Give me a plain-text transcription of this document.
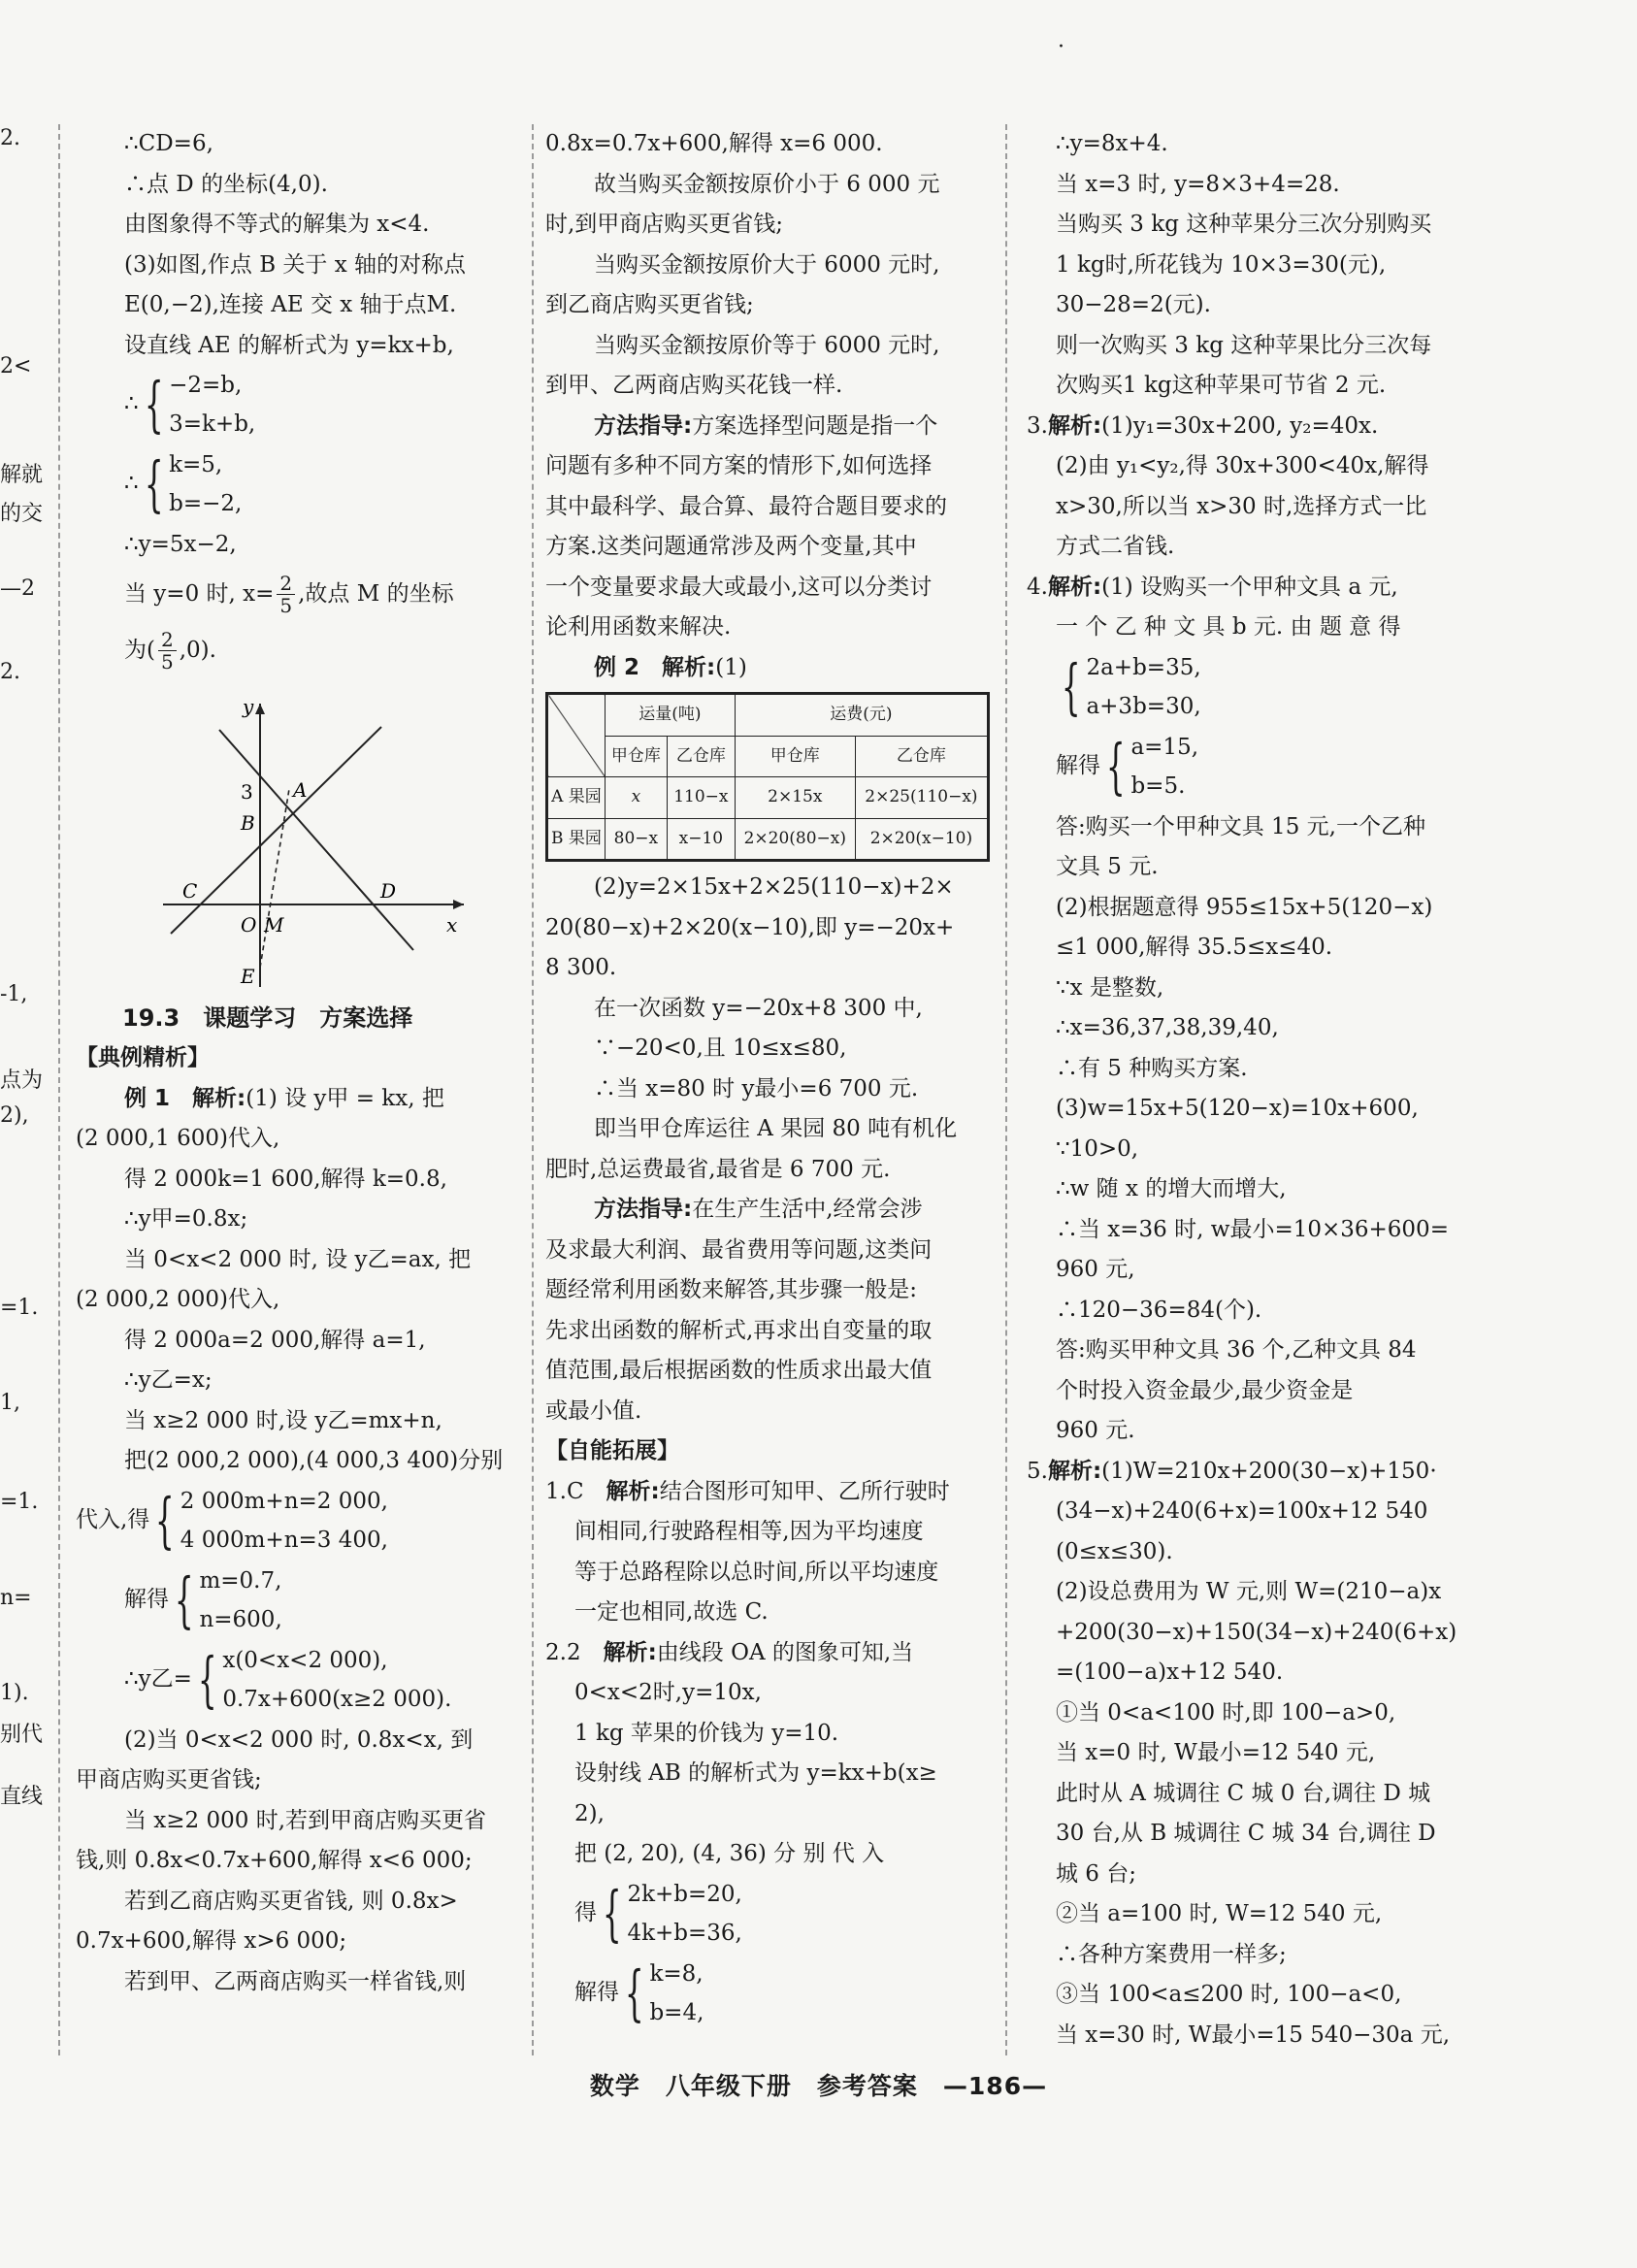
·
2.
2<
解就
的交
—2
2.
-1,
点为
2),
=1.
1,
=1.
n=
1).
别代
直线
∴CD=6,
∴点 D 的坐标(4,0).
由图象得不等式的解集为 x<4.
(3)如图,作点 B 关于 x 轴的对称点
E(0,−2),连接 AE 交 x 轴于点M.
设直线 AE 的解析式为 y=kx+b,
∴ { −2=b,
3=k+b,
∴ { k=5,
b=−2,
∴y=5x−2,
当 y=0 时, $x= \frac{2}{5}$ ,故点 M 的坐标
为( $\frac{2}{5} ,0$).
y
x
3 A
B
C	D
O M
E
19.3　课题学习　方案选择
【典例精析】
例 1　 解析:(1) 设 y甲 = kx, 把
(2 000,1 600)代入,
得 2 000k=1 600,解得 k=0.8,
∴y甲=0.8x;
当 0<x<2 000 时, 设 y乙=ax, 把
(2 000,2 000)代入,
得 2 000a=2 000,解得 a=1,
∴y乙=x;
当 x≥2 000 时,设 y乙=mx+n,
把(2 000,2 000),(4 000,3 400)分别
代入,得 { 2 000m+n=2 000,
4 000m+n=3 400,
解得 { m=0.7,
n=600,
∴y乙= { x(0<x<2 000),
0.7x+600(x≥2 000).
(2)当 0<x<2 000 时, 0.8x<x, 到
甲商店购买更省钱;
当 x≥2 000 时,若到甲商店购买更省
钱,则 0.8x<0.7x+600,解得 x<6 000;
若到乙商店购买更省钱, 则 0.8x>
0.7x+600,解得 x>6 000;
若到甲、乙两商店购买一样省钱,则
0.8x=0.7x+600,解得 x=6 000.
故当购买金额按原价小于 6 000 元
时,到甲商店购买更省钱;
当购买金额按原价大于 6000 元时,
到乙商店购买更省钱;
当购买金额按原价等于 6000 元时,
到甲、乙两商店购买花钱一样.
方法指导:方案选择型问题是指一个
问题有多种不同方案的情形下,如何选择
其中最科学、最合算、最符合题目要求的
方案.这类问题通常涉及两个变量,其中
一个变量要求最大或最小,这可以分类讨
论利用函数来解决.
例 2　 解析:(1)
	运量(吨)		运费(元)	
	甲仓库	乙仓库	甲仓库	乙仓库
A 果园	x	110−x	2×15x	2×25(110−x)
B 果园	80−x	x−10	2×20(80−x)	2×20(x−10)
(2)y=2×15x+2×25(110−x)+2×
20(80−x)+2×20(x−10),即 y=−20x+
8 300.
在一次函数 y=−20x+8 300 中,
∵−20<0,且 10≤x≤80,
∴当 x=80 时 y最小=6 700 元.
即当甲仓库运往 A 果园 80 吨有机化
肥时,总运费最省,最省是 6 700 元.
方法指导:在生产生活中,经常会涉
及求最大利润、最省费用等问题,这类问
题经常利用函数来解答,其步骤一般是:
先求出函数的解析式,再求出自变量的取
值范围,最后根据函数的性质求出最大值
或最小值.
【自能拓展】
1.C　 解析:结合图形可知甲、乙所行驶时
间相同,行驶路程相等,因为平均速度
等于总路程除以总时间,所以平均速度
一定也相同,故选 C.
2.2　 解析:由线段 OA 的图象可知,当
0<x<2时,y=10x,
1 kg 苹果的价钱为 y=10.
设射线 AB 的解析式为 y=kx+b(x≥
2),
把 (2, 20), (4, 36) 分 别 代 入
得 { 2k+b=20,
4k+b=36,
解得 { k=8,
b=4,
∴y=8x+4.
当 x=3 时, y=8×3+4=28.
当购买 3 kg 这种苹果分三次分别购买
1 kg时,所花钱为 10×3=30(元),
30−28=2(元).
则一次购买 3 kg 这种苹果比分三次每
次购买1 kg这种苹果可节省 2 元.
3.解析:(1)y₁=30x+200, y₂=40x.
(2)由 y₁<y₂,得 30x+300<40x,解得
x>30,所以当 x>30 时,选择方式一比
方式二省钱.
4.解析:(1) 设购买一个甲种文具 a 元,
一 个 乙 种 文 具 b 元. 由 题 意 得
{ 2a+b=35,
a+3b=30,
解得 { a=15,
b=5.
答:购买一个甲种文具 15 元,一个乙种
文具 5 元.
(2)根据题意得 955≤15x+5(120−x)
≤1 000,解得 35.5≤x≤40.
∵x 是整数,
∴x=36,37,38,39,40,
∴有 5 种购买方案.
(3)w=15x+5(120−x)=10x+600,
∵10>0,
∴w 随 x 的增大而增大,
∴当 x=36 时, w最小=10×36+600=
960 元,
∴120−36=84(个).
答:购买甲种文具 36 个,乙种文具 84
个时投入资金最少,最少资金是
960 元.
5.解析:(1)W=210x+200(30−x)+150·
(34−x)+240(6+x)=100x+12 540
(0≤x≤30).
(2)设总费用为 W 元,则 W=(210−a)x
+200(30−x)+150(34−x)+240(6+x)
=(100−a)x+12 540.
①当 0<a<100 时,即 100−a>0,
当 x=0 时, W最小=12 540 元,
此时从 A 城调往 C 城 0 台,调往 D 城
30 台,从 B 城调往 C 城 34 台,调往 D
城 6 台;
②当 a=100 时, W=12 540 元,
∴各种方案费用一样多;
③当 100<a≤200 时, 100−a<0,
当 x=30 时, W最小=15 540−30a 元,
数学　八年级下册　参考答案　—186—
